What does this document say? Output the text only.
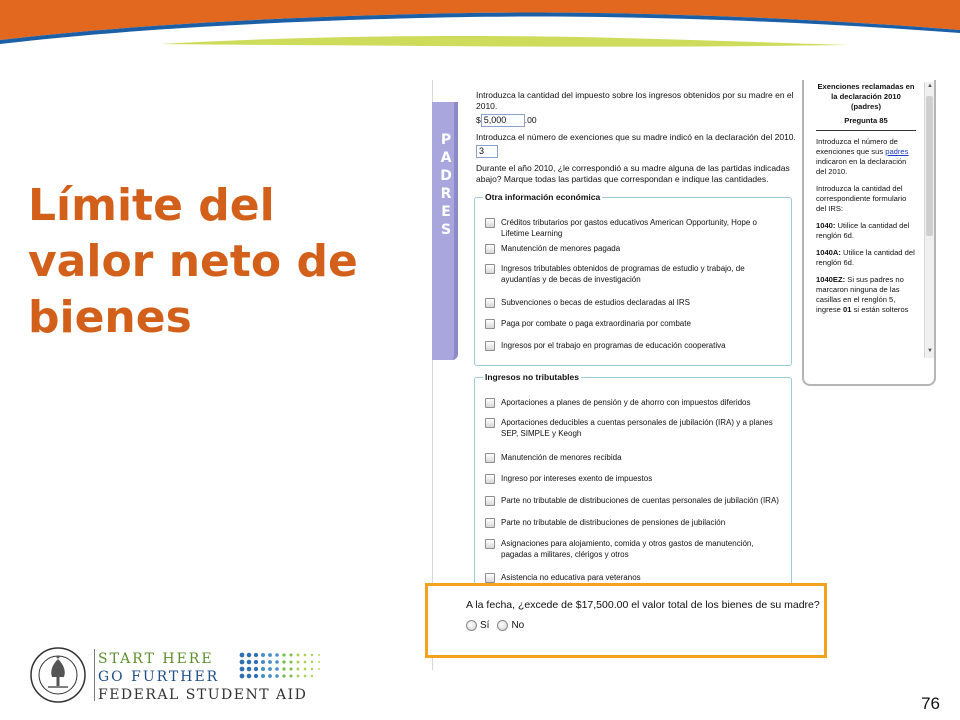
Límite del
valor neto de
bienes
P
A
D
R
E
S
Introduzca la cantidad del impuesto sobre los ingresos obtenidos por su madre en el 2010.
$ 5,000	.00
Introduzca el número de exenciones que su madre indicó en la declaración del 2010.
3
Durante el año 2010, ¿le correspondió a su madre alguna de las partidas indicadas abajo? Marque todas las partidas que correspondan e indique las cantidades.
Otra información económica
Créditos tributarios por gastos educativos American Opportunity, Hope o Lifetime Learning
Manutención de menores pagada
Ingresos tributables obtenidos de programas de estudio y trabajo, de ayudantías y de becas de investigación
Subvenciones o becas de estudios declaradas al IRS
Paga por combate o paga extraordinaria por combate
Ingresos por el trabajo en programas de educación cooperativa
Ingresos no tributables
Aportaciones a planes de pensión y de ahorro con impuestos diferidos
Aportaciones deducibles a cuentas personales de jubilación (IRA) y a planes SEP, SIMPLE y Keogh
Manutención de menores recibida
Ingreso por intereses exento de impuestos
Parte no tributable de distribuciones de cuentas personales de jubilación (IRA)
Parte no tributable de distribuciones de pensiones de jubilación
Asignaciones para alojamiento, comida y otros gastos de manutención, pagadas a militares, clérigos y otros
Asistencia no educativa para veteranos
Exenciones reclamadas en la declaración 2010 (padres)
Pregunta 85

Introduzca el número de exenciones que sus padres indicaron en la declaración del 2010.

Introduzca la cantidad del correspondiente formulario del IRS:

1040: Utilice la cantidad del renglón 6d.

1040A: Utilice la cantidad del renglón 6d.

1040EZ: Si sus padres no marcaron ninguna de las casillas en el renglón 5, ingrese 01 si están solteros

▲
▼
A la fecha, ¿excede de $17,500.00 el valor total de los bienes de su madre?
Sí No
START HERE
GO FURTHER
FEDERAL STUDENT AID	76
